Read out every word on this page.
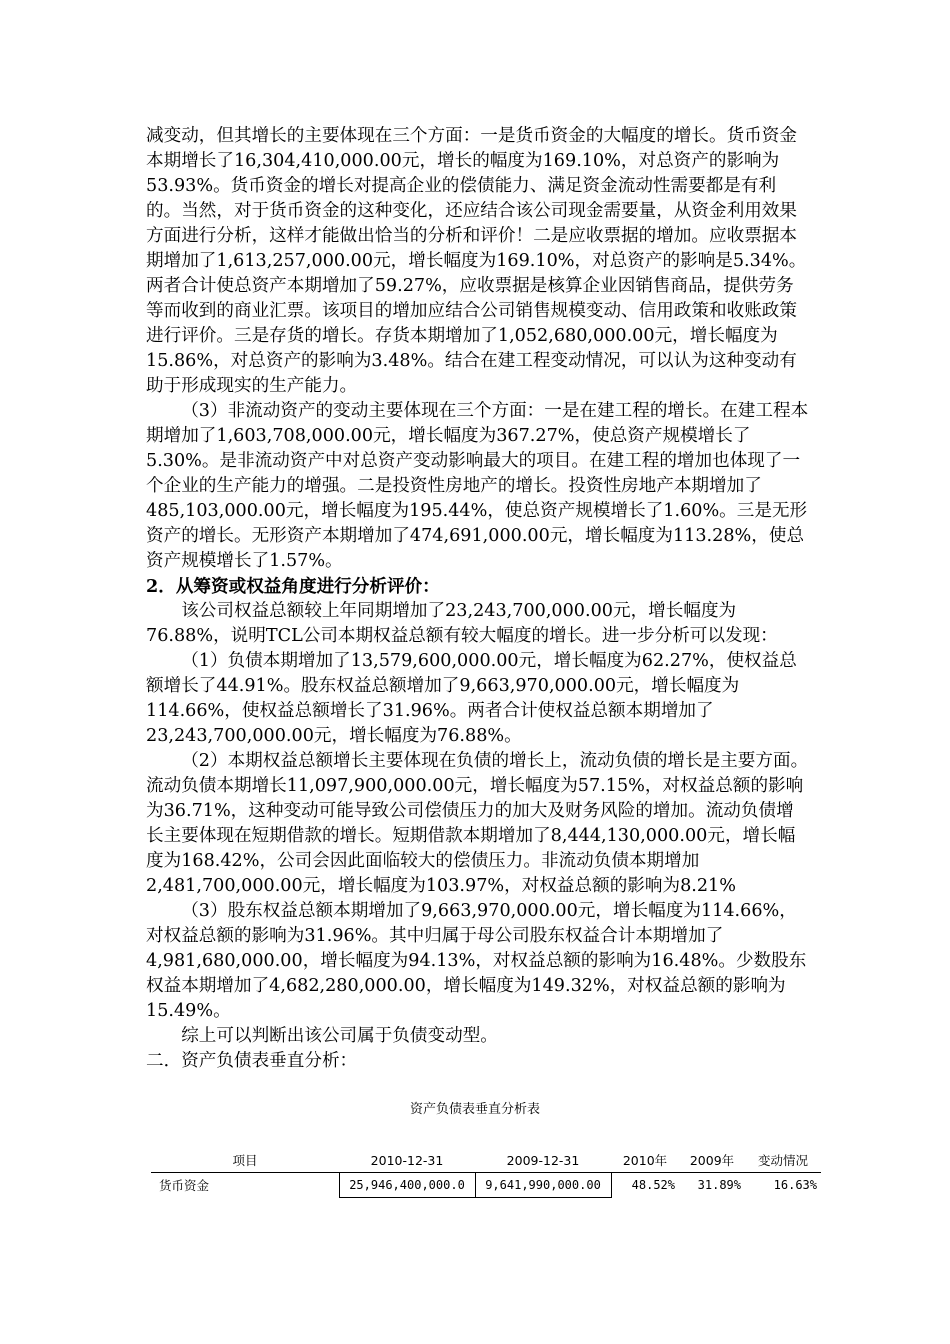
减变动，但其增长的主要体现在三个方面：一是货币资金的大幅度的增长。货币资金本期增长了16,304,410,000.00元，增长的幅度为169.10%，对总资产的影响为53.93%。货币资金的增长对提高企业的偿债能力、满足资金流动性需要都是有利的。当然，对于货币资金的这种变化，还应结合该公司现金需要量，从资金利用效果方面进行分析，这样才能做出恰当的分析和评价！二是应收票据的增加。应收票据本期增加了1,613,257,000.00元，增长幅度为169.10%，对总资产的影响是5.34%。两者合计使总资产本期增加了59.27%，应收票据是核算企业因销售商品，提供劳务等而收到的商业汇票。该项目的增加应结合公司销售规模变动、信用政策和收账政策进行评价。三是存货的增长。存货本期增加了1,052,680,000.00元，增长幅度为15.86%，对总资产的影响为3.48%。结合在建工程变动情况，可以认为这种变动有助于形成现实的生产能力。

（3）非流动资产的变动主要体现在三个方面：一是在建工程的增长。在建工程本期增加了1,603,708,000.00元，增长幅度为367.27%，使总资产规模增长了5.30%。是非流动资产中对总资产变动影响最大的项目。在建工程的增加也体现了一个企业的生产能力的增强。二是投资性房地产的增长。投资性房地产本期增加了485,103,000.00元，增长幅度为195.44%，使总资产规模增长了1.60%。三是无形资产的增长。无形资产本期增加了474,691,000.00元，增长幅度为113.28%，使总资产规模增长了1.57%。

2．从筹资或权益角度进行分析评价：

该公司权益总额较上年同期增加了23,243,700,000.00元，增长幅度为76.88%，说明TCL公司本期权益总额有较大幅度的增长。进一步分析可以发现：

（1）负债本期增加了13,579,600,000.00元，增长幅度为62.27%，使权益总额增长了44.91%。股东权益总额增加了9,663,970,000.00元，增长幅度为114.66%，使权益总额增长了31.96%。两者合计使权益总额本期增加了23,243,700,000.00元，增长幅度为76.88%。

（2）本期权益总额增长主要体现在负债的增长上，流动负债的增长是主要方面。流动负债本期增长11,097,900,000.00元，增长幅度为57.15%，对权益总额的影响为36.71%，这种变动可能导致公司偿债压力的加大及财务风险的增加。流动负债增长主要体现在短期借款的增长。短期借款本期增加了8,444,130,000.00元，增长幅度为168.42%，公司会因此面临较大的偿债压力。非流动负债本期增加2,481,700,000.00元，增长幅度为103.97%，对权益总额的影响为8.21%

（3）股东权益总额本期增加了9,663,970,000.00元，增长幅度为114.66%，对权益总额的影响为31.96%。其中归属于母公司股东权益合计本期增加了4,981,680,000.00，增长幅度为94.13%，对权益总额的影响为16.48%。少数股东权益本期增加了4,682,280,000.00，增长幅度为149.32%，对权益总额的影响为15.49%。

综上可以判断出该公司属于负债变动型。

二．资产负债表垂直分析：

资产负债表垂直分析表
项目	2010-12-31	2009-12-31	2010年	2009年	变动情况
货币资金	25,946,400,000.0	9,641,990,000.00	48.52%	31.89%	16.63%
